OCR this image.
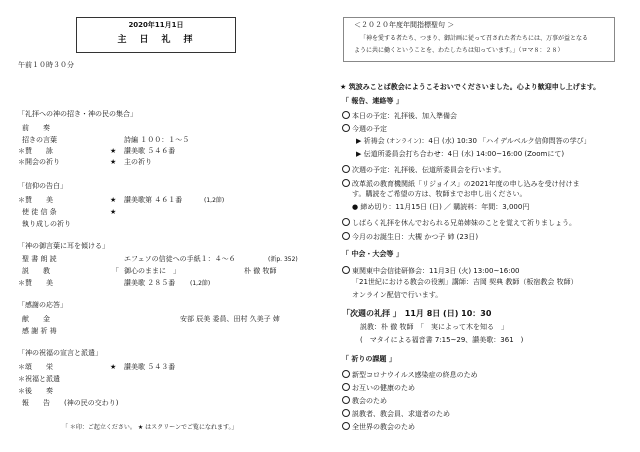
2020年11月1日
主　日　礼　拝
午前１０時３０分
「礼拝への神の招き・神の民の集合」
前　　奏
招きの言葉	詩編 １００：１～５
＊賛　　詠	★ 讃美歌 ５４６番
＊開会の祈り	★ 主の祈り
「信仰の告白」
＊賛　　美	★ 讃美歌第 ４６１番	(1,2節)
使 徒 信 条	★
執り成しの祈り
「神の御言葉に耳を傾ける」
聖 書 朗 読	エフェソの信徒への手紙１：４～６	(新p. 352)
説　　教	「 御心のままに　」	朴 徹 牧師
＊賛　　美	讃美歌 ２８５番 (1,2節)
「感謝の応答」
献　　金	安部 辰美 委員、田村 久美子 姉
感 謝 祈 祷
「神の祝福の宣言と派遣」
＊頌　　栄	★ 讃美歌 ５４３番
＊祝福と派遣
＊後　　奏
報　　告 (神の民の交わり)
「 ＊印：ご起立ください。 ★ はスクリーンでご覧になれます。」
＜２０２０年度年間指標聖句 ＞
「神を愛する者たち、つまり、御計画に従って召された者たちには、万事が益となる
ように共に働くということを、わたしたちは知っています。」（ロマ８：２８）
★ 筑波みことば教会にようこそおいでくださいました。心より歓迎申し上げます。
「 報告、連絡等 」
本日の予定：礼拝後、加入準備会
今週の予定
▶ 祈祷会 (オンライン)：4日 (水) 10:30 「ハイデルベルク信仰問答の学び」
▶ 伝道所委員会打ち合わせ：4日 (水) 14:00~16:00 (Zoomにて)
次週の予定：礼拝後、伝道所委員会を行います。
改革派の教育機関紙「リジョイス」の2021年度の申し込みを受け付けま
す。購読をご希望の方は、牧師までお申し出ください。
● 締め切り：11月15日 (日) ／ 購読料：年間：3,000円
しばらく礼拝を休んでおられる兄弟姉妹のことを覚えて祈りましょう。
今月のお誕生日：大槻 かつ子 姉 (23日)
「 中会・大会等 」
東関東中会信徒研修会：11月3日 (火) 13:00~16:00
「21世紀における教会の役割」講師：吉岡 契典 教師（板宿教会 牧師）
オンライン配信で行います。
「次週の礼拝 」　11月 8日 (日) 10：30
説教：朴 徹 牧師　「　実によって木を知る　」
(　マタイによる福音書 7:15~29、讃美歌：361　)
「 祈りの課題 」
新型コロナウイルス感染症の終息のため
お互いの健康のため
教会のため
説教者、教会員、求道者のため
全世界の教会のため
